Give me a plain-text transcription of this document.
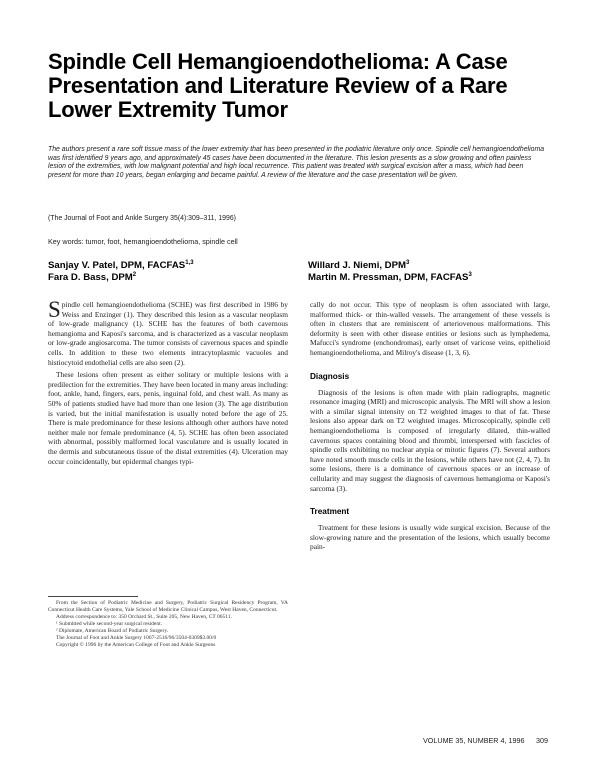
Spindle Cell Hemangioendothelioma: A Case Presentation and Literature Review of a Rare Lower Extremity Tumor

The authors present a rare soft tissue mass of the lower extremity that has been presented in the podiatric literature only once. Spindle cell hemangioendothelioma was first identified 9 years ago, and approximately 45 cases have been documented in the literature. This lesion presents as a slow growing and often painless lesion of the extremities, with low malignant potential and high local recurrence. This patient was treated with surgical excision after a mass, which had been present for more than 10 years, began enlarging and became painful. A review of the literature and the case presentation will be given.

(The Journal of Foot and Ankle Surgery 35(4):309–311, 1996)

Key words: tumor, foot, hemangioendothelioma, spindle cell

Sanjay V. Patel, DPM, FACFAS$^{1,3}$
Fara D. Bass, DPM$^2$
Willard J. Niemi, DPM$^3$
Martin M. Pressman, DPM, FACFAS$^3$

Spindle cell hemangioendothelioma (SCHE) was first described in 1986 by Weiss and Enzinger (1). They described this lesion as a vascular neoplasm of low-grade malignancy (1). SCHE has the features of both cavernous hemangioma and Kaposi's sarcoma, and is characterized as a vascular neoplasm or low-grade angiosarcoma. The tumor consists of cavernous spaces and spindle cells. In addition to these two elements intracytoplasmic vacuoles and histiocytoid endothelial cells are also seen (2).

These lesions often present as either solitary or multiple lesions with a predilection for the extremities. They have been located in many areas including: foot, ankle, hand, fingers, ears, penis, inguinal fold, and chest wall. As many as 50% of patients studied have had more than one lesion (3). The age distribution is varied, but the initial manifestation is usually noted before the age of 25. There is male predominance for these lesions although other authors have noted neither male nor female predominance (4, 5). SCHE has often been associated with abnormal, possibly malformed local vasculature and is usually located in the dermis and subcutaneous tissue of the distal extremities (4). Ulceration may occur coincidentally, but epidermal changes typi-

cally do not occur. This type of neoplasm is often associated with large, malformed thick- or thin-walled vessels. The arrangement of these vessels is often in clusters that are reminiscent of arteriovenous malformations. This deformity is seen with other disease entities or lesions such as lymphedema, Mafucci's syndrome (enchondromas), early onset of varicose veins, epithelioid hemangioendothelioma, and Milroy's disease (1, 3, 6).

Diagnosis

Diagnosis of the lesions is often made with plain radiographs, magnetic resonance imaging (MRI) and microscopic analysis. The MRI will show a lesion with a similar signal intensity on T2 weighted images to that of fat. These lesions also appear dark on T2 weighted images. Microscopically, spindle cell hemangioendothelioma is composed of irregularly dilated, thin-walled cavernous spaces containing blood and thrombi, interspersed with fascicles of spindle cells exhibiting no nuclear atypia or mitotic figures (7). Several authors have noted smooth muscle cells in the lesions, while others have not (2, 4, 7). In some lesions, there is a dominance of cavernous spaces or an increase of cellularity and may suggest the diagnosis of cavernous hemangioma or Kaposi's sarcoma (3).

Treatment

Treatment for these lesions is usually wide surgical excision. Because of the slow-growing nature and the presentation of the lesions, which usually become pain-

From the Section of Podiatric Medicine and Surgery, Podiatric Surgical Residency Program, VA Connecticut Health Care Systems, Yale School of Medicine Clinical Campus, West Haven, Connecticut.

Address correspondence to: 350 Orchard St., Suite 205, New Haven, CT 06511.

¹ Submitted while second-year surgical resident.

² Diplomate, American Board of Podiatric Surgery.

The Journal of Foot and Ankle Surgery 1067-2516/96/3504-0309$3.00/0

Copyright © 1996 by the American College of Foot and Ankle Surgeons

VOLUME 35, NUMBER 4, 1996 309
